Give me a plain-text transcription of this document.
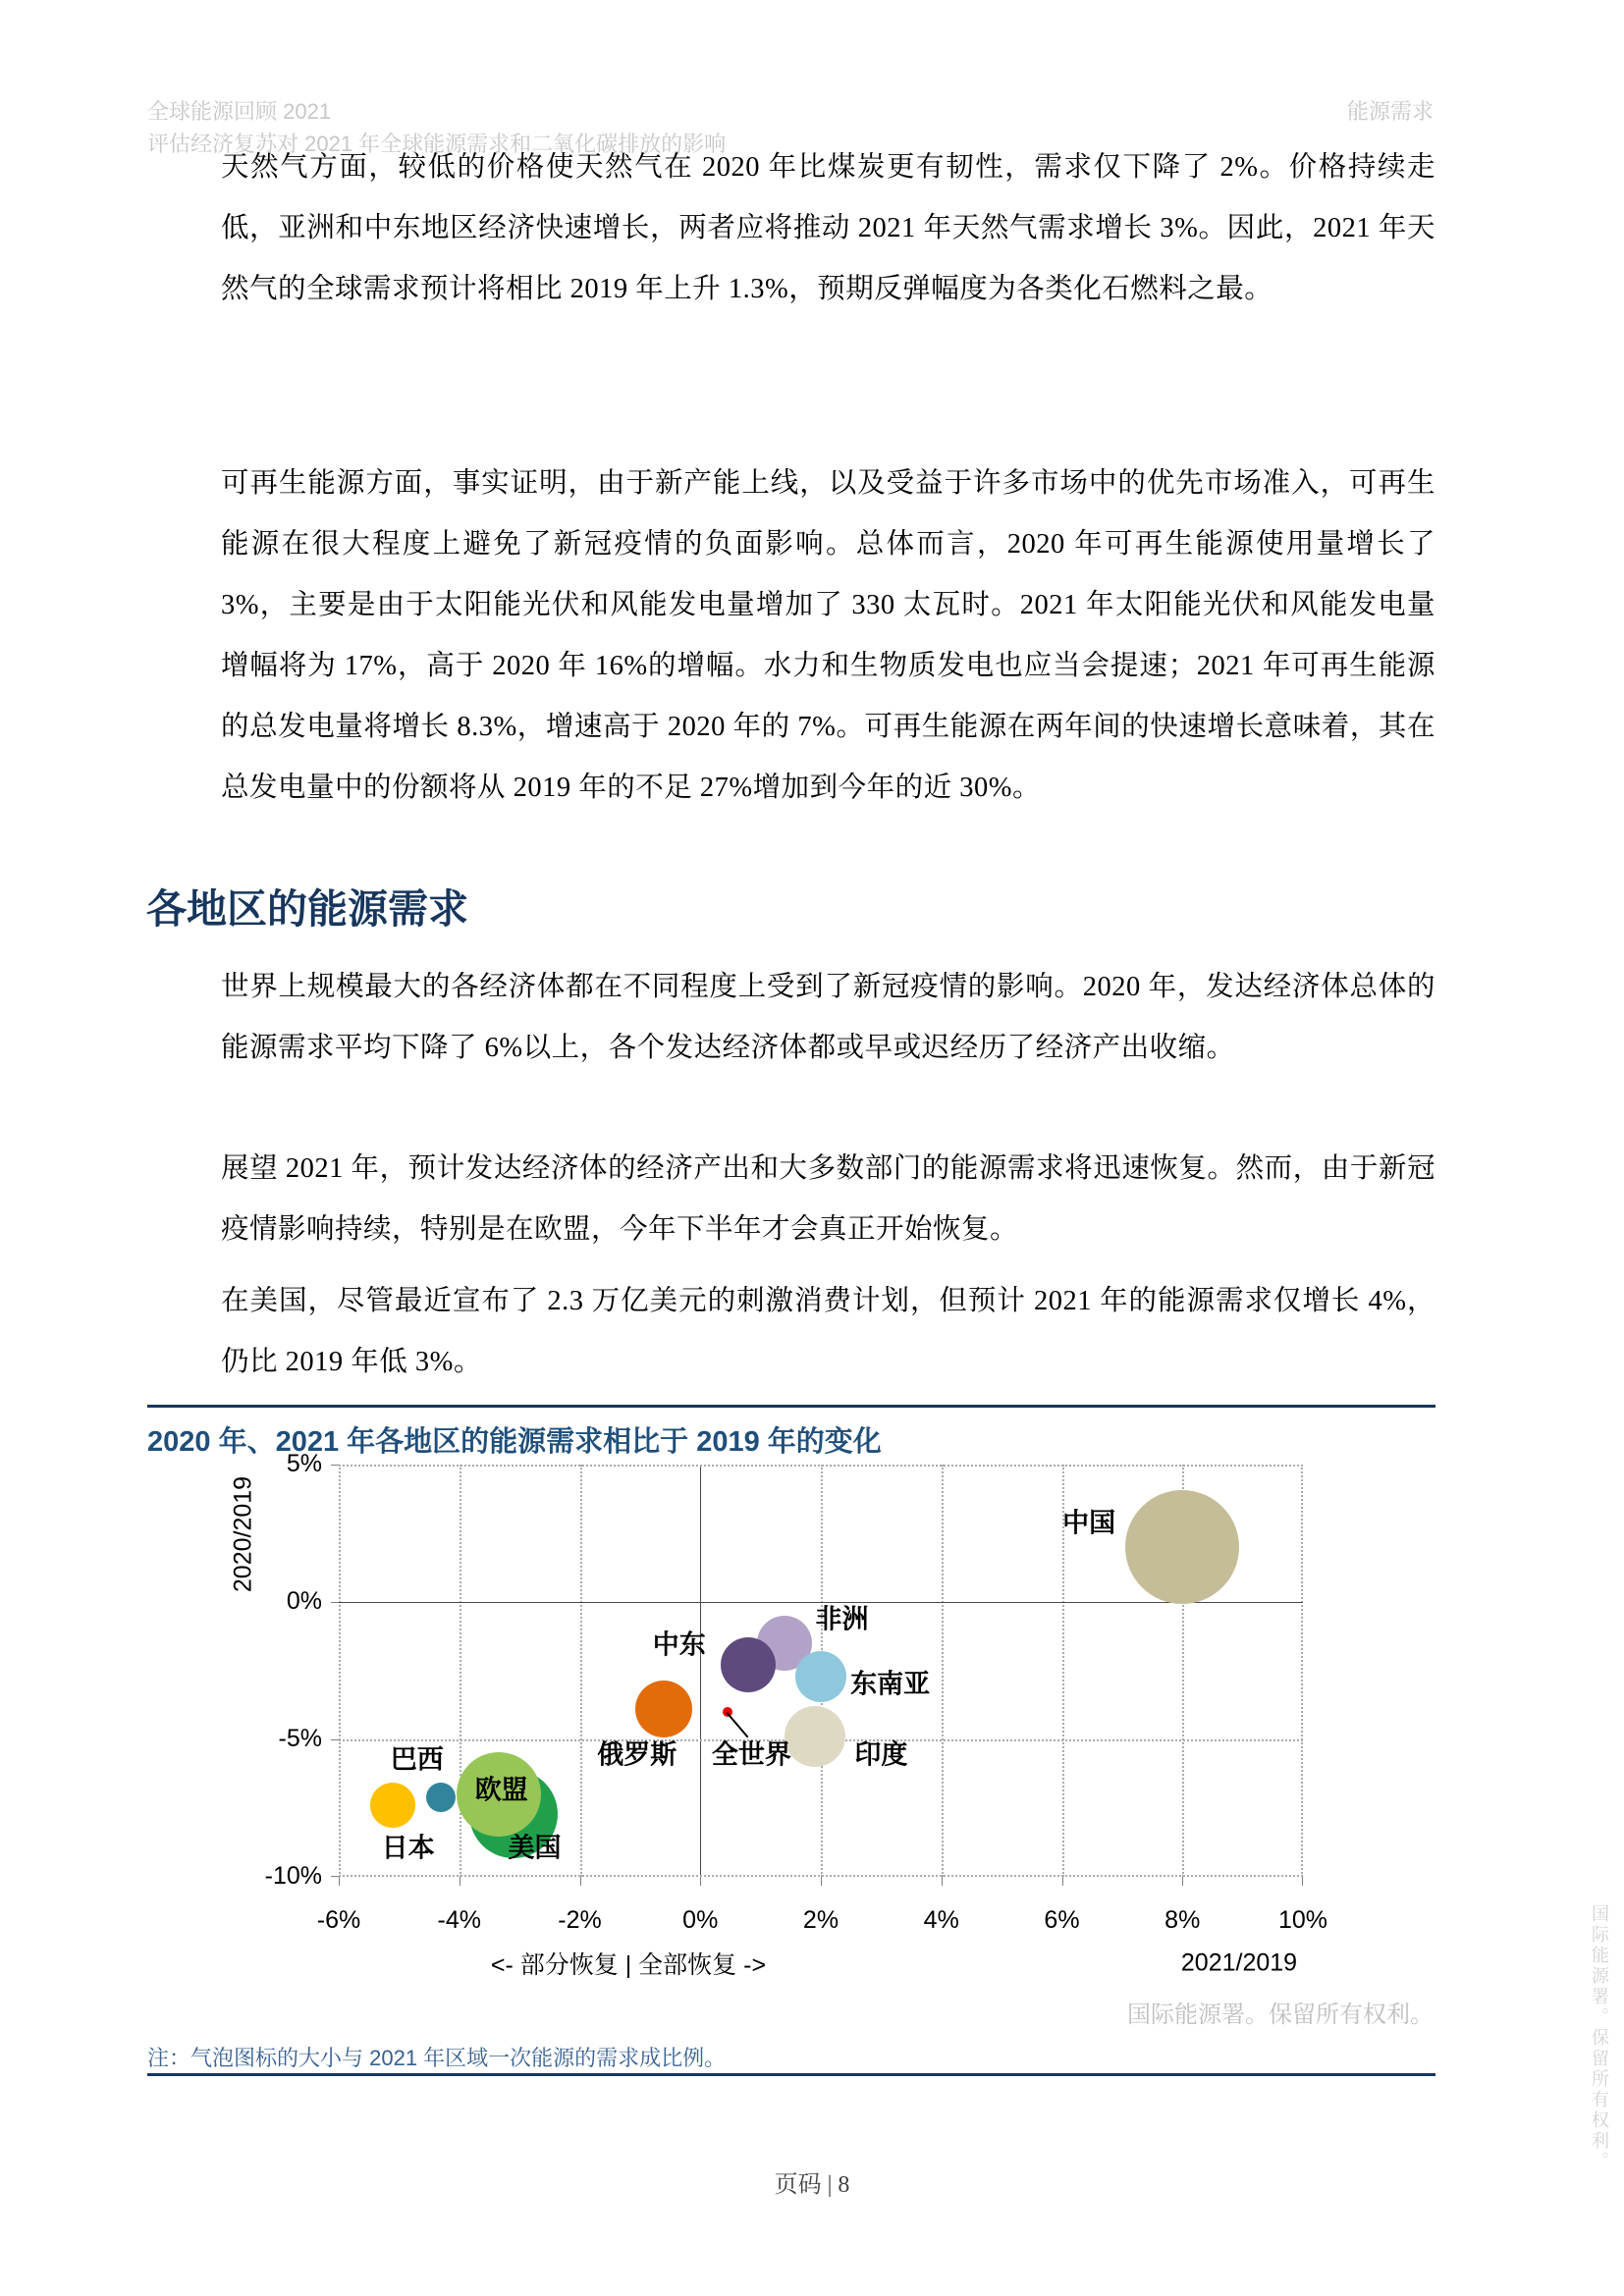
全球能源回顾 2021	能源需求
评估经济复苏对 2021 年全球能源需求和二氧化碳排放的影响
天然气方面，较低的价格使天然气在 2020 年比煤炭更有韧性，需求仅下降了 2%。价格持续走低，亚洲和中东地区经济快速增长，两者应将推动 2021 年天然气需求增长 3%。因此，2021 年天然气的全球需求预计将相比 2019 年上升 1.3%，预期反弹幅度为各类化石燃料之最。
可再生能源方面，事实证明，由于新产能上线，以及受益于许多市场中的优先市场准入，可再生能源在很大程度上避免了新冠疫情的负面影响。总体而言，2020 年可再生能源使用量增长了 3%，主要是由于太阳能光伏和风能发电量增加了 330 太瓦时。2021 年太阳能光伏和风能发电量增幅将为 17%，高于 2020 年 16%的增幅。水力和生物质发电也应当会提速；2021 年可再生能源的总发电量将增长 8.3%，增速高于 2020 年的 7%。可再生能源在两年间的快速增长意味着，其在总发电量中的份额将从 2019 年的不足 27%增加到今年的近 30%。
各地区的能源需求
世界上规模最大的各经济体都在不同程度上受到了新冠疫情的影响。2020 年，发达经济体总体的能源需求平均下降了 6%以上，各个发达经济体都或早或迟经历了经济产出收缩。
展望 2021 年，预计发达经济体的经济产出和大多数部门的能源需求将迅速恢复。然而，由于新冠疫情影响持续，特别是在欧盟，今年下半年才会真正开始恢复。
在美国，尽管最近宣布了 2.3 万亿美元的刺激消费计划，但预计 2021 年的能源需求仅增长 4%，仍比 2019 年低 3%。
2020 年、2021 年各地区的能源需求相比于 2019 年的变化
美国
欧盟
日本
巴西	俄罗斯
非洲
中东
东南亚
印度
中国
全世界
-6%	-4%	-2%	0%	2%	4%	6%	8%	10%
5%
0%
-5%
-10%
2020/2019
<- 部分恢复 | 全部恢复 ->	2021/2019
国际能源署。保留所有权利。
注：气泡图标的大小与 2021 年区域一次能源的需求成比例。
页码 | 8
国际能源署。保留所有权利。
